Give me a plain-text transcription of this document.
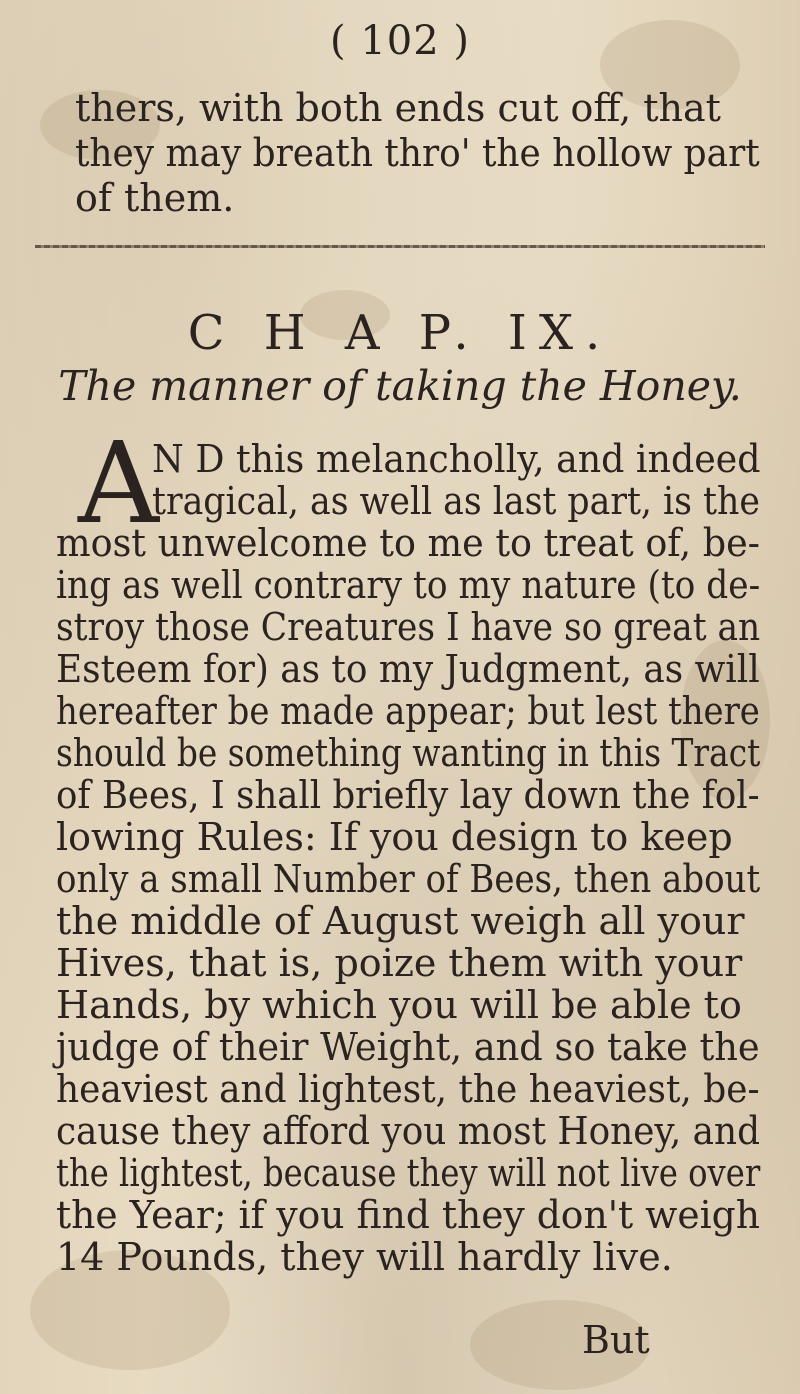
( 102 )
thers, with both ends cut off, that
they may breath thro' the hollow part
of them.
C H A P. IX.
The manner of taking the Honey.
A
N D this melancholly, and indeed
tragical, as well as last part, is the
most unwelcome to me to treat of, be-
ing as well contrary to my nature (to de-
stroy those Creatures I have so great an
Esteem for) as to my Judgment, as will
hereafter be made appear; but lest there
should be something wanting in this Tract
of Bees, I shall briefly lay down the fol-
lowing Rules: If you design to keep
only a small Number of Bees, then about
the middle of August weigh all your
Hives, that is, poize them with your
Hands, by which you will be able to
judge of their Weight, and so take the
heaviest and lightest, the heaviest, be-
cause they afford you most Honey, and
the lightest, because they will not live over
the Year; if you find they don't weigh
14 Pounds, they will hardly live.
But
